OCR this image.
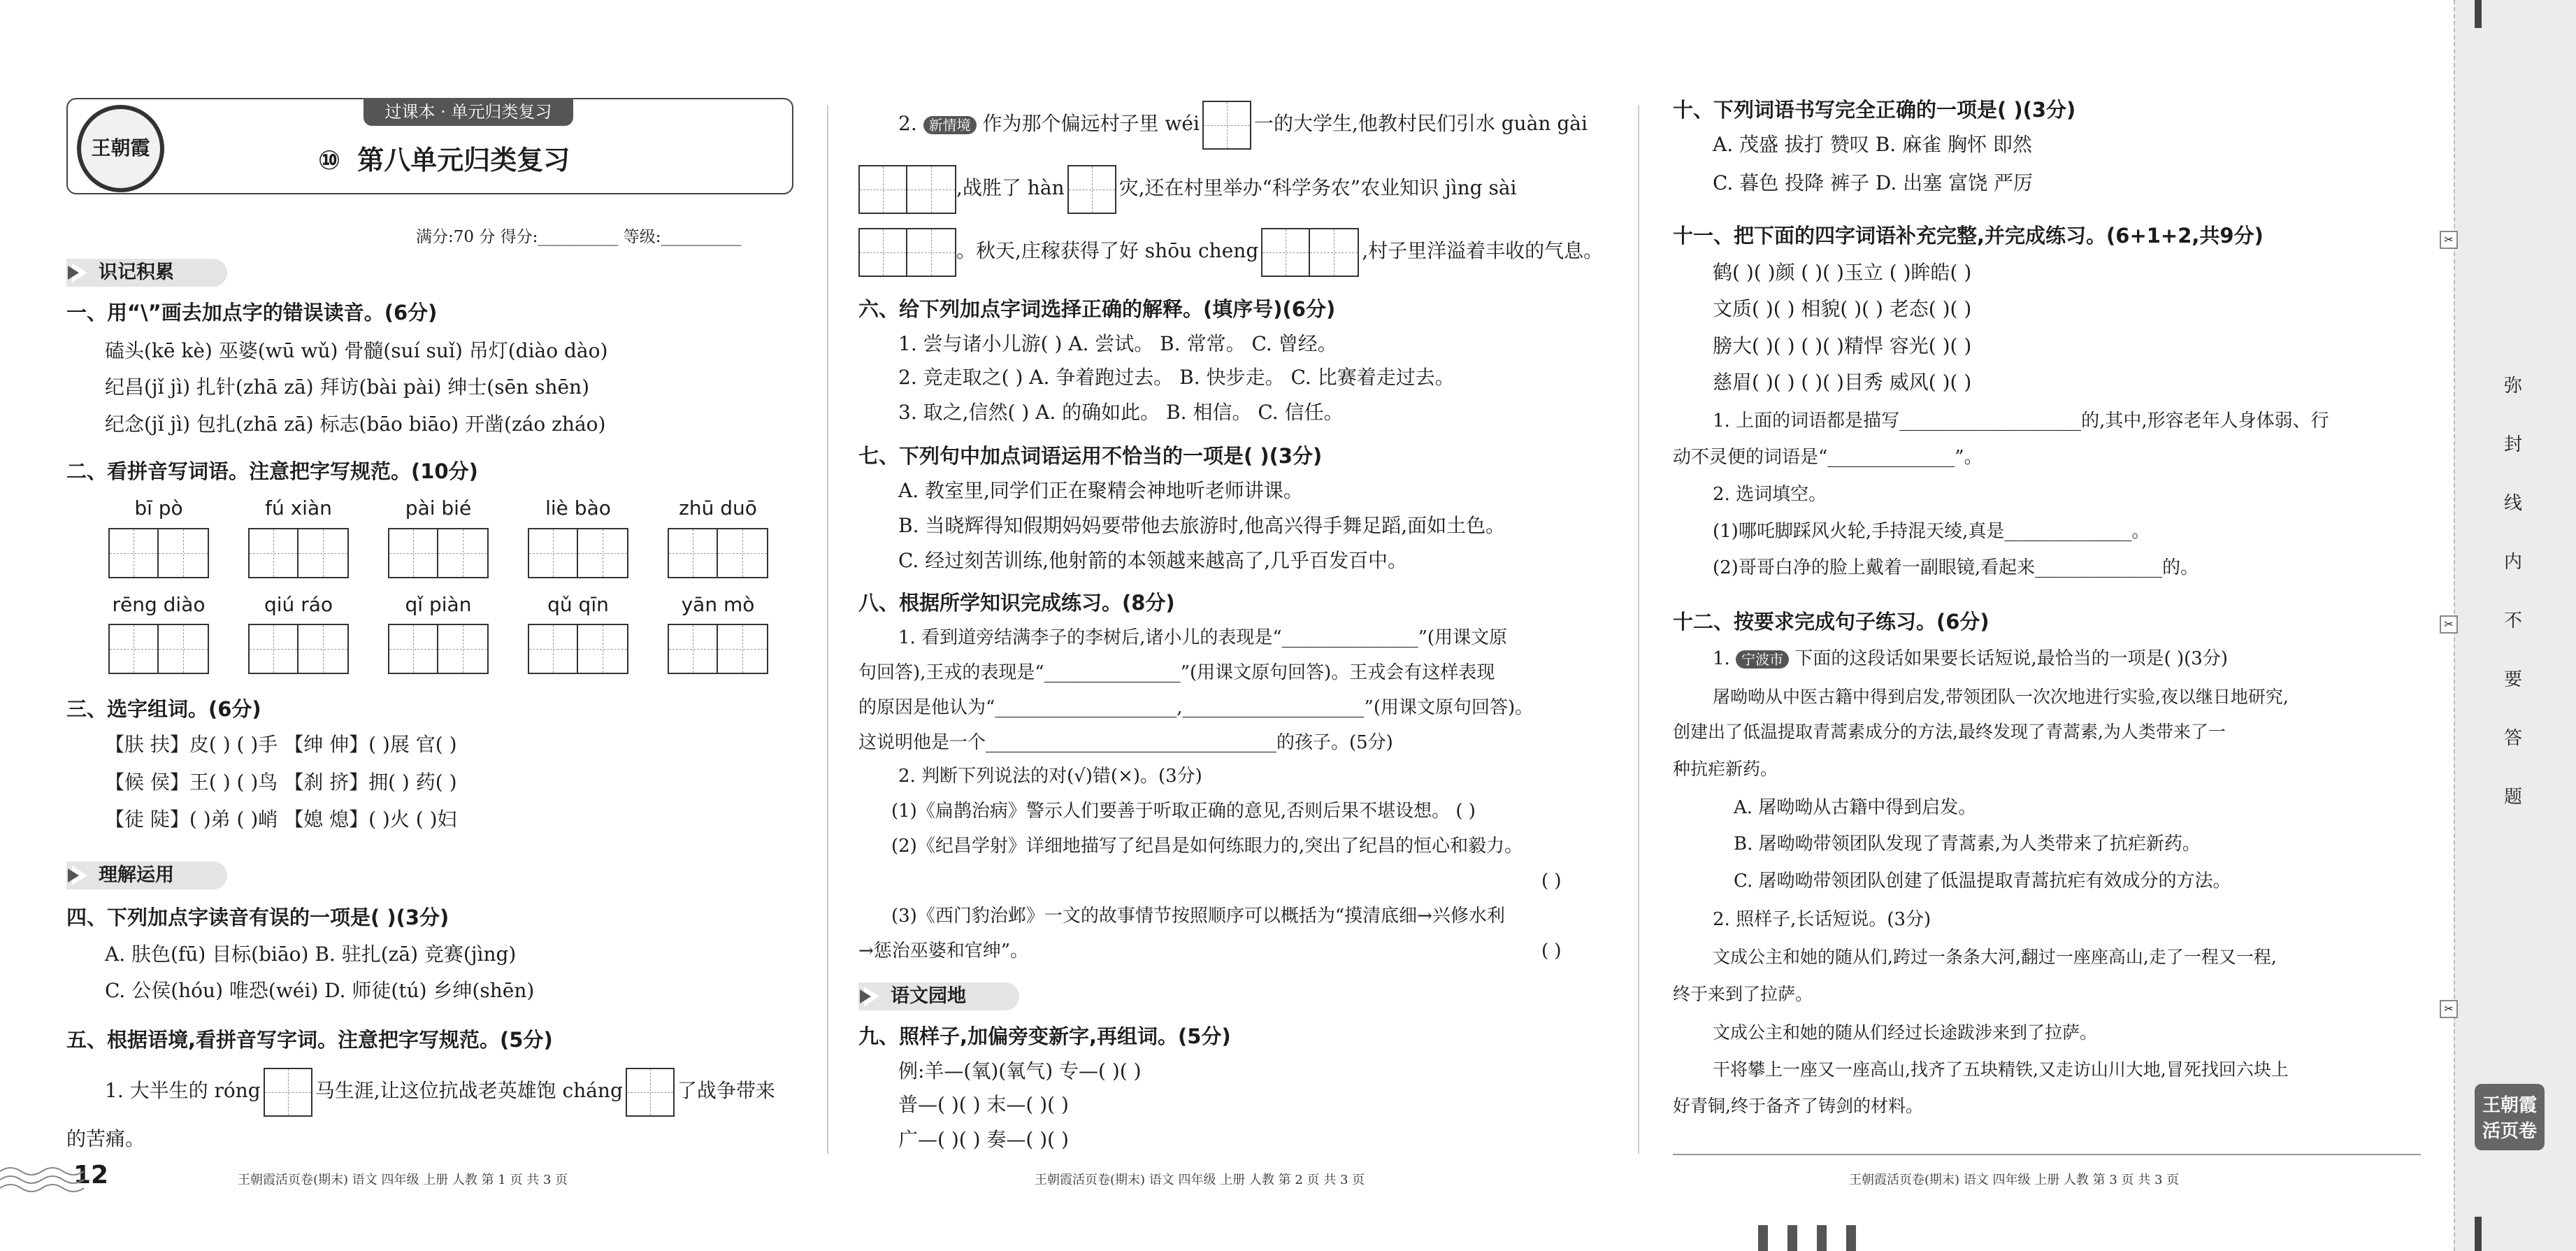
过课本 · 单元归类复习
王朝霞	⑩ 第八单元归类复习
满分:70 分 得分:__________ 等级:__________
识记积累
一、用“\”画去加点字的错误读音。(6分)
磕头(kē kè) 巫婆(wū wǔ) 骨髓(suí suǐ) 吊灯(diào dào)
纪昌(jǐ jì) 扎针(zhā zā) 拜访(bài pài) 绅士(sēn shēn)
纪念(jǐ jì) 包扎(zhā zā) 标志(bāo biāo) 开凿(záo zháo)
二、看拼音写词语。注意把字写规范。(10分)
bī pò	fú xiàn	pài bié	liè bào	zhū duō
rēng diào	qiú ráo	qǐ piàn	qǔ qīn	yān mò
三、选字组词。(6分)
【肤 扶】皮( ) ( )手 【绅 伸】( )展 官( )
【候 侯】王( ) ( )鸟 【刹 挤】拥( ) 药( )
【徒 陡】( )弟 ( )峭 【媳 熄】( )火 ( )妇
理解运用
四、下列加点字读音有误的一项是( )(3分)
A. 肤色(fū) 目标(biāo) B. 驻扎(zā) 竞赛(jìng)
C. 公侯(hóu) 唯恐(wéi) D. 师徒(tú) 乡绅(shēn)
五、根据语境,看拼音写字词。注意把字写规范。(5分)
1. 大半生的 róng	马生涯,让这位抗战老英雄饱 cháng	了战争带来
的苦痛。
12	王朝霞活页卷(期末) 语文 四年级 上册 人教 第 1 页 共 3 页
2. 新情境 作为那个偏远村子里 wéi	一的大学生,他教村民们引水 guàn gài
,战胜了 hàn	灾,还在村里举办“科学务农”农业知识 jìng sài
。秋天,庄稼获得了好 shōu cheng	,村子里洋溢着丰收的气息。
六、给下列加点字词选择正确的解释。(填序号)(6分)
1. 尝与诸小儿游( ) A. 尝试。 B. 常常。 C. 曾经。
2. 竞走取之( ) A. 争着跑过去。 B. 快步走。 C. 比赛着走过去。
3. 取之,信然( ) A. 的确如此。 B. 相信。 C. 信任。
七、下列句中加点词语运用不恰当的一项是( )(3分)
A. 教室里,同学们正在聚精会神地听老师讲课。
B. 当晓辉得知假期妈妈要带他去旅游时,他高兴得手舞足蹈,面如土色。
C. 经过刻苦训练,他射箭的本领越来越高了,几乎百发百中。
八、根据所学知识完成练习。(8分)
1. 看到道旁结满李子的李树后,诸小儿的表现是“_______________”(用课文原
句回答),王戎的表现是“_______________”(用课文原句回答)。王戎会有这样表现
的原因是他认为“____________________,____________________”(用课文原句回答)。
这说明他是一个________________________________的孩子。(5分)
2. 判断下列说法的对(√)错(×)。(3分)
(1)《扁鹊治病》警示人们要善于听取正确的意见,否则后果不堪设想。 ( )
(2)《纪昌学射》详细地描写了纪昌是如何练眼力的,突出了纪昌的恒心和毅力。
( )
(3)《西门豹治邺》一文的故事情节按照顺序可以概括为“摸清底细→兴修水利
→惩治巫婆和官绅”。	( )
语文园地
九、照样子,加偏旁变新字,再组词。(5分)
例:羊—(氧)(氧气) 专—( )( )
普—( )( ) 末—( )( )
广—( )( ) 奏—( )( )
王朝霞活页卷(期末) 语文 四年级 上册 人教 第 2 页 共 3 页
十、下列词语书写完全正确的一项是( )(3分)
A. 茂盛 拔打 赞叹 B. 麻雀 胸怀 即然
C. 暮色 投降 裤子 D. 出塞 富饶 严厉
十一、把下面的四字词语补充完整,并完成练习。(6+1+2,共9分)
鹤( )( )颜 ( )( )玉立 ( )眸皓( )
文质( )( ) 相貌( )( ) 老态( )( )
膀大( )( ) ( )( )精悍 容光( )( )
慈眉( )( ) ( )( )目秀 威风( )( )
1. 上面的词语都是描写____________________的,其中,形容老年人身体弱、行
动不灵便的词语是“______________”。
2. 选词填空。
(1)哪吒脚踩风火轮,手持混天绫,真是______________。
(2)哥哥白净的脸上戴着一副眼镜,看起来______________的。
十二、按要求完成句子练习。(6分)
1. 宁波市 下面的这段话如果要长话短说,最恰当的一项是( )(3分)
屠呦呦从中医古籍中得到启发,带领团队一次次地进行实验,夜以继日地研究,
创建出了低温提取青蒿素成分的方法,最终发现了青蒿素,为人类带来了一
种抗疟新药。
A. 屠呦呦从古籍中得到启发。
B. 屠呦呦带领团队发现了青蒿素,为人类带来了抗疟新药。
C. 屠呦呦带领团队创建了低温提取青蒿抗疟有效成分的方法。
2. 照样子,长话短说。(3分)
文成公主和她的随从们,跨过一条条大河,翻过一座座高山,走了一程又一程,
终于来到了拉萨。
文成公主和她的随从们经过长途跋涉来到了拉萨。
干将攀上一座又一座高山,找齐了五块精铁,又走访山川大地,冒死找回六块上
好青铜,终于备齐了铸剑的材料。
王朝霞活页卷(期末) 语文 四年级 上册 人教 第 3 页 共 3 页
弥
封
线
内
不
要
答
题
✂
✂
✂
王朝霞
活页卷
